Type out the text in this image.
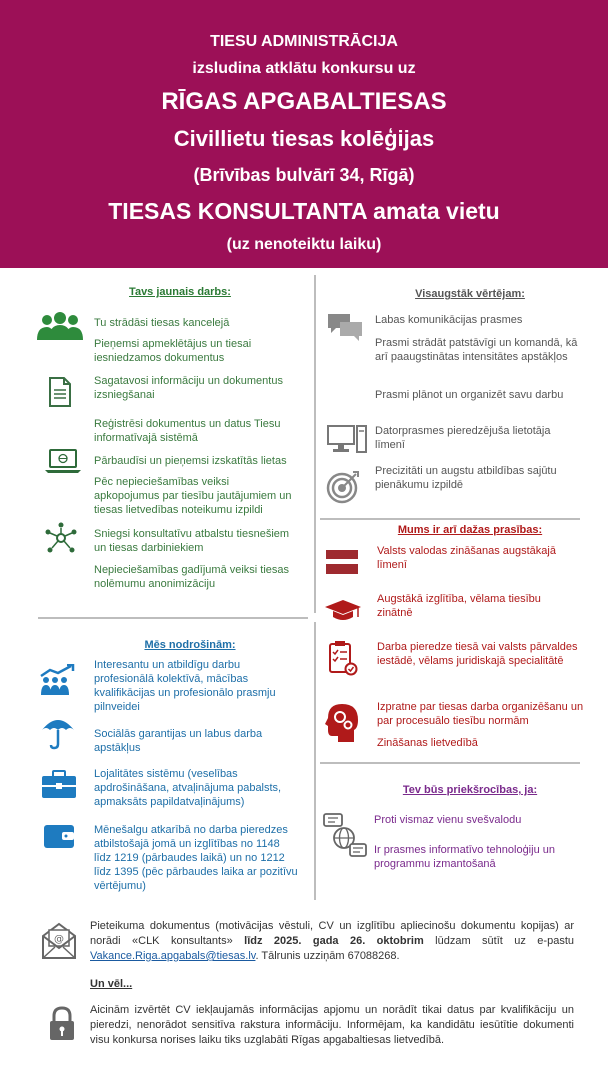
TIESU ADMINISTRĀCIJA
izsludina atklātu konkursu uz
RĪGAS APGABALTIESAS
Civillietu tiesas kolēģijas
(Brīvības bulvārī 34, Rīgā)
TIESAS KONSULTANTA amata vietu
(uz nenoteiktu laiku)
Tavs jaunais darbs:
Tu strādāsi tiesas kancelejā
Pieņemsi apmeklētājus un tiesai iesniedzamos dokumentus
Sagatavosi informāciju un dokumentus izsniegšanai
Reģistrēsi dokumentus un datus Tiesu informatīvajā sistēmā
Pārbaudīsi un pieņemsi izskatītās lietas
Pēc nepieciešamības veiksi apkopojumus par tiesību jautājumiem un tiesas lietvedības noteikumu izpildi
Sniegsi konsultatīvu atbalstu tiesnešiem un tiesas darbiniekiem
Nepieciešamības gadījumā veiksi tiesas nolēmumu anonimizāciju
Visaugstāk vērtējam:
Labas komunikācijas prasmes
Prasmi strādāt patstāvīgi un komandā, kā arī paaugstinātas intensitātes apstākļos
Prasmi plānot un organizēt savu darbu
Datorprasmes pieredzējuša lietotāja līmenī
Precizitāti un augstu atbildības sajūtu pienākumu izpildē
Mums ir arī dažas prasības:
Valsts valodas zināšanas augstākajā līmenī
Augstākā izglītība, vēlama tiesību zinātnē
Darba pieredze tiesā vai valsts pārvaldes iestādē, vēlams juridiskajā specialitātē
Izpratne par tiesas darba organizēšanu un par procesuālo tiesību normām
Zināšanas lietvedībā
Mēs nodrošinām:
Interesantu un atbildīgu darbu profesionālā kolektīvā, mācības kvalifikācijas un profesionālo prasmju pilnveidei
Sociālās garantijas un labus darba apstākļus
Lojalitātes sistēmu (veselības apdrošināšana, atvaļinājuma pabalsts, apmaksāts papildatvaļinājums)
Mēnešalgu atkarībā no darba pieredzes atbilstošajā jomā un izglītības no 1148 līdz 1219 (pārbaudes laikā) un no 1212 līdz 1395 (pēc pārbaudes laika ar pozitīvu vērtējumu)
Tev būs priekšrocības, ja:
Proti vismaz vienu svešvalodu
Ir prasmes informatīvo tehnoloģiju un programmu izmantošanā
@
Pieteikuma dokumentus (motivācijas vēstuli, CV un izglītību apliecinošu dokumentu kopijas) ar norādi «CLK konsultants» līdz 2025. gada 26. oktobrim lūdzam sūtīt uz e-pastu Vakance.Riga.apgabals@tiesas.lv. Tālrunis uzziņām 67088268.
Un vēl...
Aicinām izvērtēt CV iekļaujamās informācijas apjomu un norādīt tikai datus par kvalifikāciju un pieredzi, nenorādot sensitīva rakstura informāciju. Informējam, ka kandidātu iesūtītie dokumenti visu konkursa norises laiku tiks uzglabāti Rīgas apgabaltiesas lietvedībā.
